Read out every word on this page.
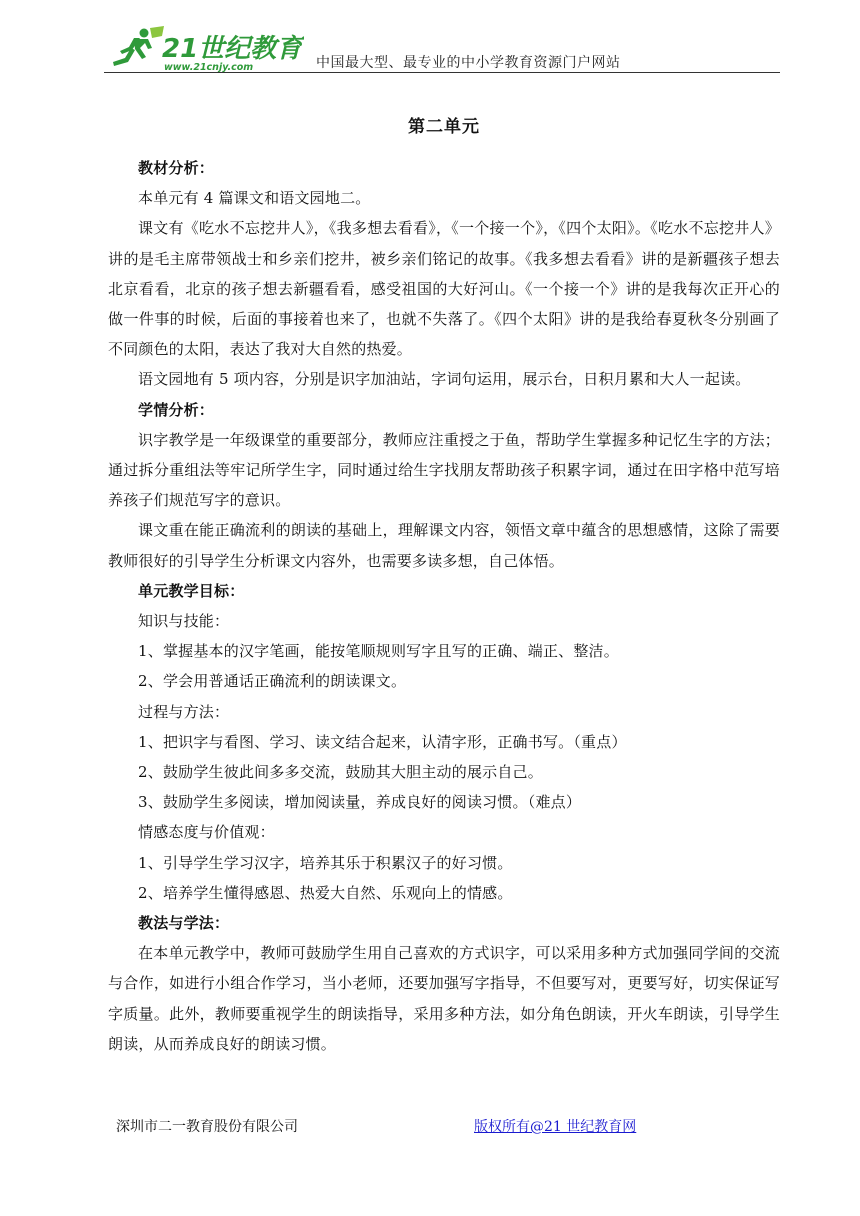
21世纪教育
www.21cnjy.com	中国最大型、最专业的中小学教育资源门户网站
第二单元

教材分析：

本单元有 4 篇课文和语文园地二。

课文有《吃水不忘挖井人》，《我多想去看看》，《一个接一个》，《四个太阳》。《吃水不忘挖井人》讲的是毛主席带领战士和乡亲们挖井，被乡亲们铭记的故事。《我多想去看看》讲的是新疆孩子想去北京看看，北京的孩子想去新疆看看，感受祖国的大好河山。《一个接一个》讲的是我每次正开心的做一件事的时候，后面的事接着也来了，也就不失落了。《四个太阳》讲的是我给春夏秋冬分别画了不同颜色的太阳，表达了我对大自然的热爱。

语文园地有 5 项内容，分别是识字加油站，字词句运用，展示台，日积月累和大人一起读。

学情分析：

识字教学是一年级课堂的重要部分，教师应注重授之于鱼，帮助学生掌握多种记忆生字的方法；通过拆分重组法等牢记所学生字，同时通过给生字找朋友帮助孩子积累字词，通过在田字格中范写培养孩子们规范写字的意识。

课文重在能正确流利的朗读的基础上，理解课文内容，领悟文章中蕴含的思想感情，这除了需要教师很好的引导学生分析课文内容外，也需要多读多想，自己体悟。

单元教学目标：

知识与技能：

1、掌握基本的汉字笔画，能按笔顺规则写字且写的正确、端正、整洁。

2、学会用普通话正确流利的朗读课文。

过程与方法：

1、把识字与看图、学习、读文结合起来，认清字形，正确书写。（重点）

2、鼓励学生彼此间多多交流，鼓励其大胆主动的展示自己。

3、鼓励学生多阅读，增加阅读量，养成良好的阅读习惯。（难点）

情感态度与价值观：

1、引导学生学习汉字，培养其乐于积累汉子的好习惯。

2、培养学生懂得感恩、热爱大自然、乐观向上的情感。

教法与学法：

在本单元教学中，教师可鼓励学生用自己喜欢的方式识字，可以采用多种方式加强同学间的交流与合作，如进行小组合作学习，当小老师，还要加强写字指导，不但要写对，更要写好，切实保证写字质量。此外，教师要重视学生的朗读指导，采用多种方法，如分角色朗读，开火车朗读，引导学生朗读，从而养成良好的朗读习惯。

深圳市二一教育股份有限公司	版权所有@21 世纪教育网
